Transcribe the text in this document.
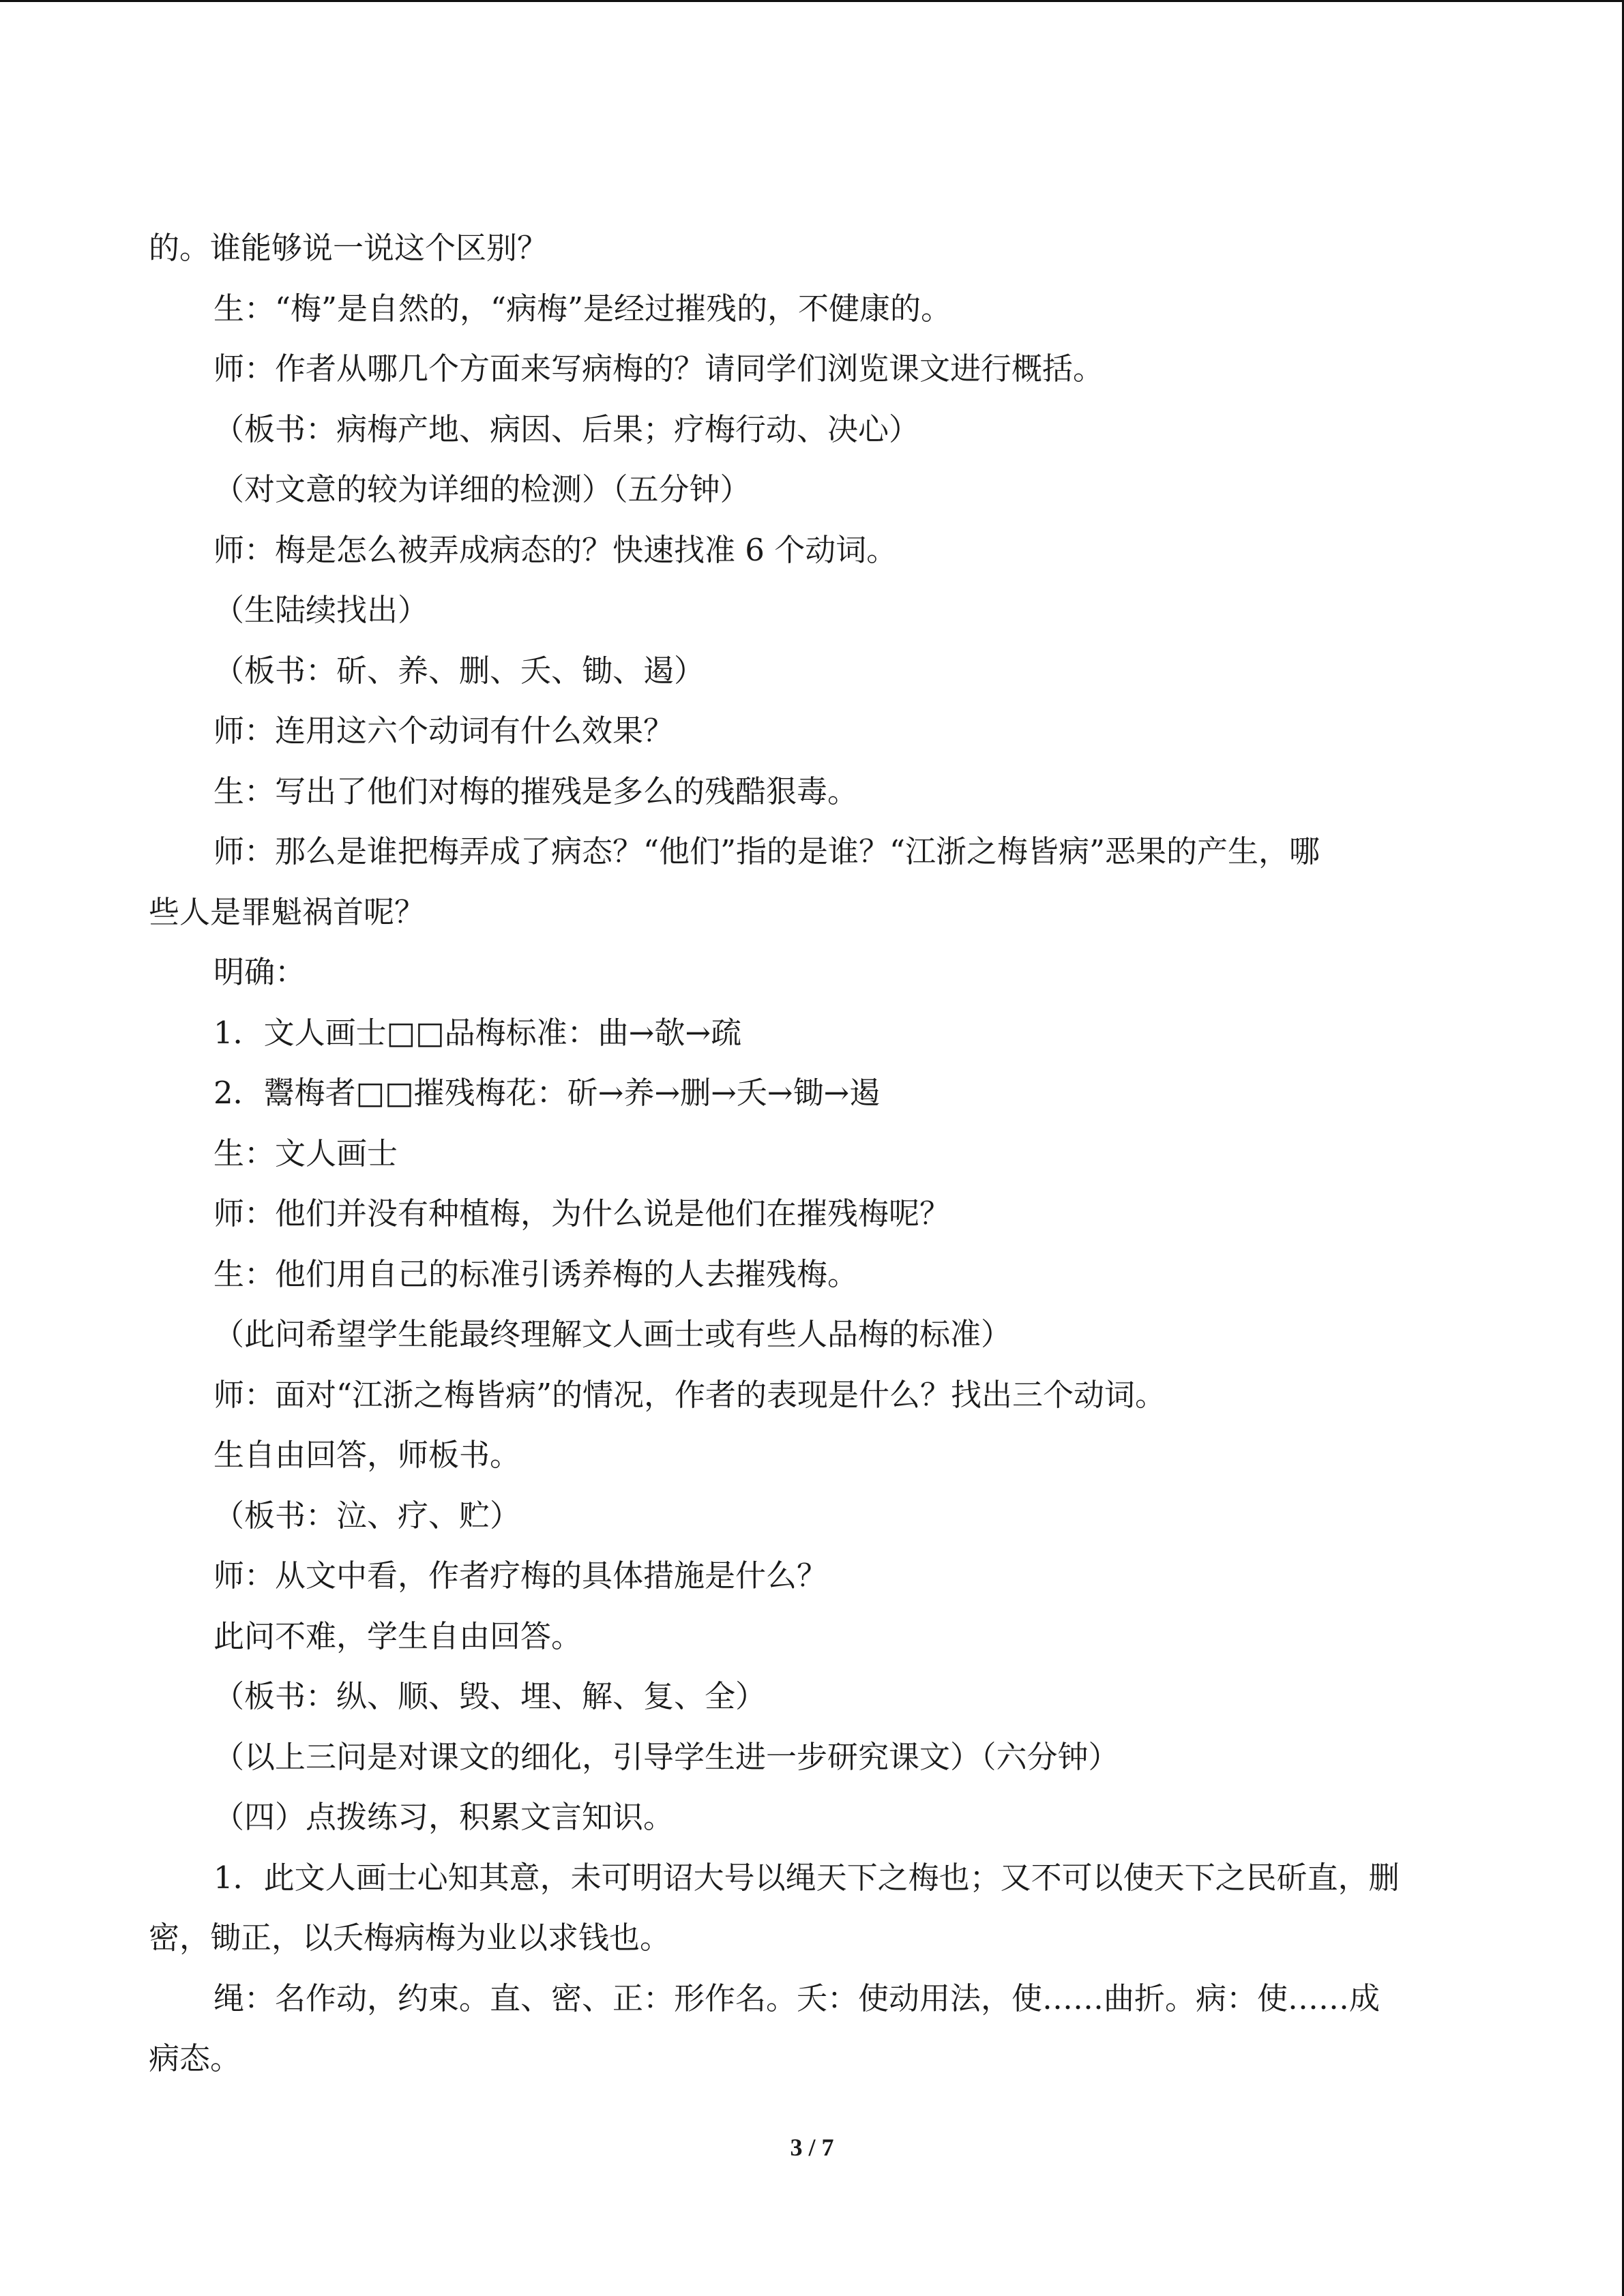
的。谁能够说一说这个区别？
生：“梅”是自然的，“病梅”是经过摧残的，不健康的。
师：作者从哪几个方面来写病梅的？请同学们浏览课文进行概括。
（板书：病梅产地、病因、后果；疗梅行动、决心）
（对文意的较为详细的检测）（五分钟）
师：梅是怎么被弄成病态的？快速找准 6 个动词。
（生陆续找出）
（板书：斫、养、删、夭、锄、遏）
师：连用这六个动词有什么效果？
生：写出了他们对梅的摧残是多么的残酷狠毒。
师：那么是谁把梅弄成了病态？“他们”指的是谁？“江浙之梅皆病”恶果的产生，哪
些人是罪魁祸首呢？
明确：
1．文人画士□□品梅标准：曲→欹→疏
2．鬻梅者□□摧残梅花：斫→养→删→夭→锄→遏
生：文人画士
师：他们并没有种植梅，为什么说是他们在摧残梅呢？
生：他们用自己的标准引诱养梅的人去摧残梅。
（此问希望学生能最终理解文人画士或有些人品梅的标准）
师：面对“江浙之梅皆病”的情况，作者的表现是什么？找出三个动词。
生自由回答，师板书。
（板书：泣、疗、贮）
师：从文中看，作者疗梅的具体措施是什么？
此问不难，学生自由回答。
（板书：纵、顺、毁、埋、解、复、全）
（以上三问是对课文的细化，引导学生进一步研究课文）（六分钟）
（四）点拨练习，积累文言知识。
1．此文人画士心知其意，未可明诏大号以绳天下之梅也；又不可以使天下之民斫直，删
密，锄正，以夭梅病梅为业以求钱也。
绳：名作动，约束。直、密、正：形作名。夭：使动用法，使……曲折。病：使……成
病态。
3 / 7
